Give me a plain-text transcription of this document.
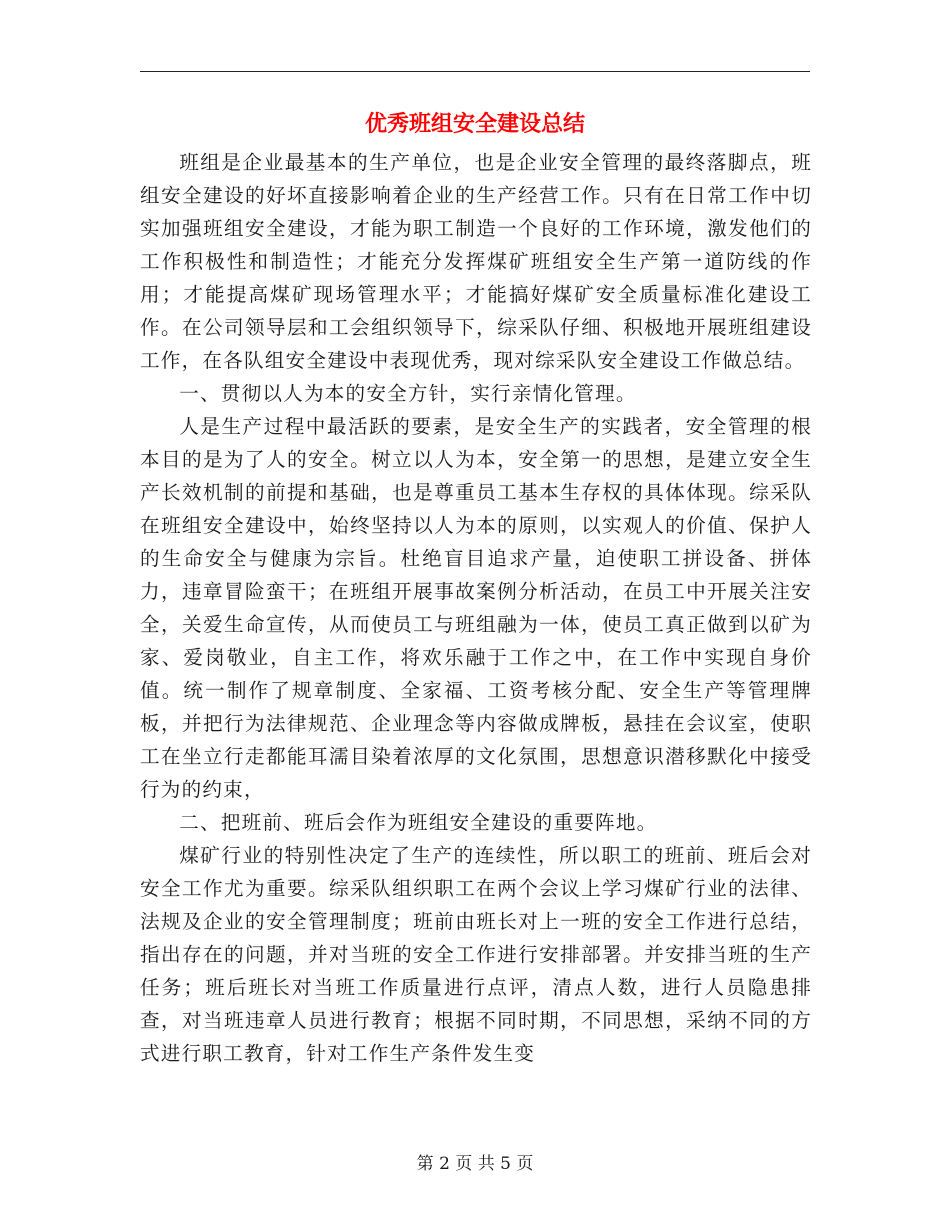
优秀班组安全建设总结

班组是企业最基本的生产单位，也是企业安全管理的最终落脚点，班组安全建设的好坏直接影响着企业的生产经营工作。只有在日常工作中切实加强班组安全建设，才能为职工制造一个良好的工作环境，激发他们的工作积极性和制造性；才能充分发挥煤矿班组安全生产第一道防线的作用；才能提高煤矿现场管理水平；才能搞好煤矿安全质量标准化建设工作。在公司领导层和工会组织领导下，综采队仔细、积极地开展班组建设工作，在各队组安全建设中表现优秀，现对综采队安全建设工作做总结。

一、贯彻以人为本的安全方针，实行亲情化管理。

人是生产过程中最活跃的要素，是安全生产的实践者，安全管理的根本目的是为了人的安全。树立以人为本，安全第一的思想，是建立安全生产长效机制的前提和基础，也是尊重员工基本生存权的具体体现。综采队在班组安全建设中，始终坚持以人为本的原则，以实观人的价值、保护人的生命安全与健康为宗旨。杜绝盲目追求产量，迫使职工拼设备、拼体力，违章冒险蛮干；在班组开展事故案例分析活动，在员工中开展关注安全，关爱生命宣传，从而使员工与班组融为一体，使员工真正做到以矿为家、爱岗敬业，自主工作，将欢乐融于工作之中，在工作中实现自身价值。统一制作了规章制度、全家福、工资考核分配、安全生产等管理牌板，并把行为法律规范、企业理念等内容做成牌板，悬挂在会议室，使职工在坐立行走都能耳濡目染着浓厚的文化氛围，思想意识潜移默化中接受行为的约束，

二、把班前、班后会作为班组安全建设的重要阵地。

煤矿行业的特别性决定了生产的连续性，所以职工的班前、班后会对安全工作尤为重要。综采队组织职工在两个会议上学习煤矿行业的法律、法规及企业的安全管理制度；班前由班长对上一班的安全工作进行总结，指出存在的问题，并对当班的安全工作进行安排部署。并安排当班的生产任务；班后班长对当班工作质量进行点评，清点人数，进行人员隐患排查，对当班违章人员进行教育；根据不同时期，不同思想，采纳不同的方式进行职工教育，针对工作生产条件发生变

第 2 页 共 5 页
